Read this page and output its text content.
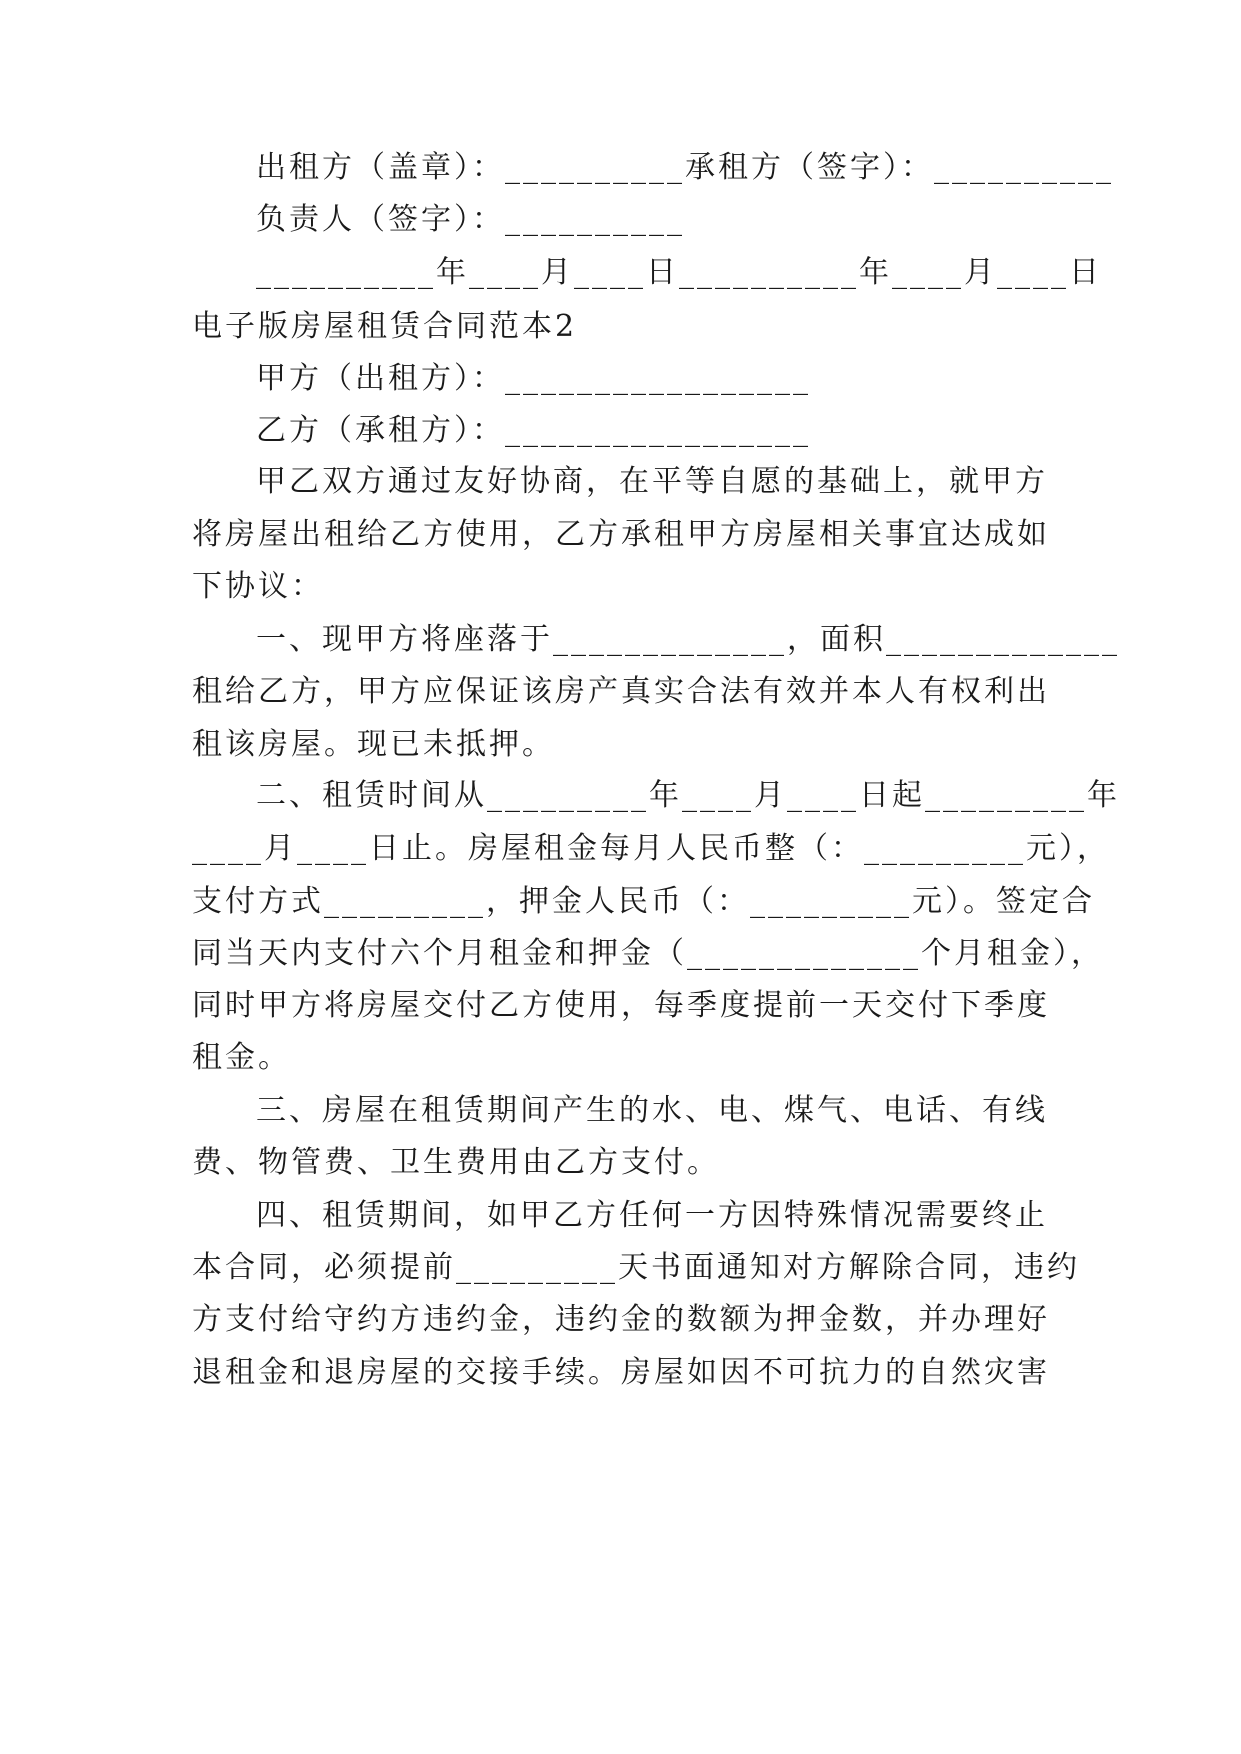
出租方（盖章）：__________承租方（签字）：__________
负责人（签字）：__________
__________年____月____日__________年____月____日
电子版房屋租赁合同范本2
甲方（出租方）：_________________
乙方（承租方）：_________________
甲乙双方通过友好协商，在平等自愿的基础上，就甲方
将房屋出租给乙方使用，乙方承租甲方房屋相关事宜达成如
下协议：
一、现甲方将座落于_____________，面积_____________
租给乙方，甲方应保证该房产真实合法有效并本人有权利出
租该房屋。现已未抵押。
二、租赁时间从_________年____月____日起_________年
____月____日止。房屋租金每月人民币整（：_________元），
支付方式_________，押金人民币（：_________元）。签定合
同当天内支付六个月租金和押金（_____________个月租金），
同时甲方将房屋交付乙方使用，每季度提前一天交付下季度
租金。
三、房屋在租赁期间产生的水、电、煤气、电话、有线
费、物管费、卫生费用由乙方支付。
四、租赁期间，如甲乙方任何一方因特殊情况需要终止
本合同，必须提前_________天书面通知对方解除合同，违约
方支付给守约方违约金，违约金的数额为押金数，并办理好
退租金和退房屋的交接手续。房屋如因不可抗力的自然灾害
